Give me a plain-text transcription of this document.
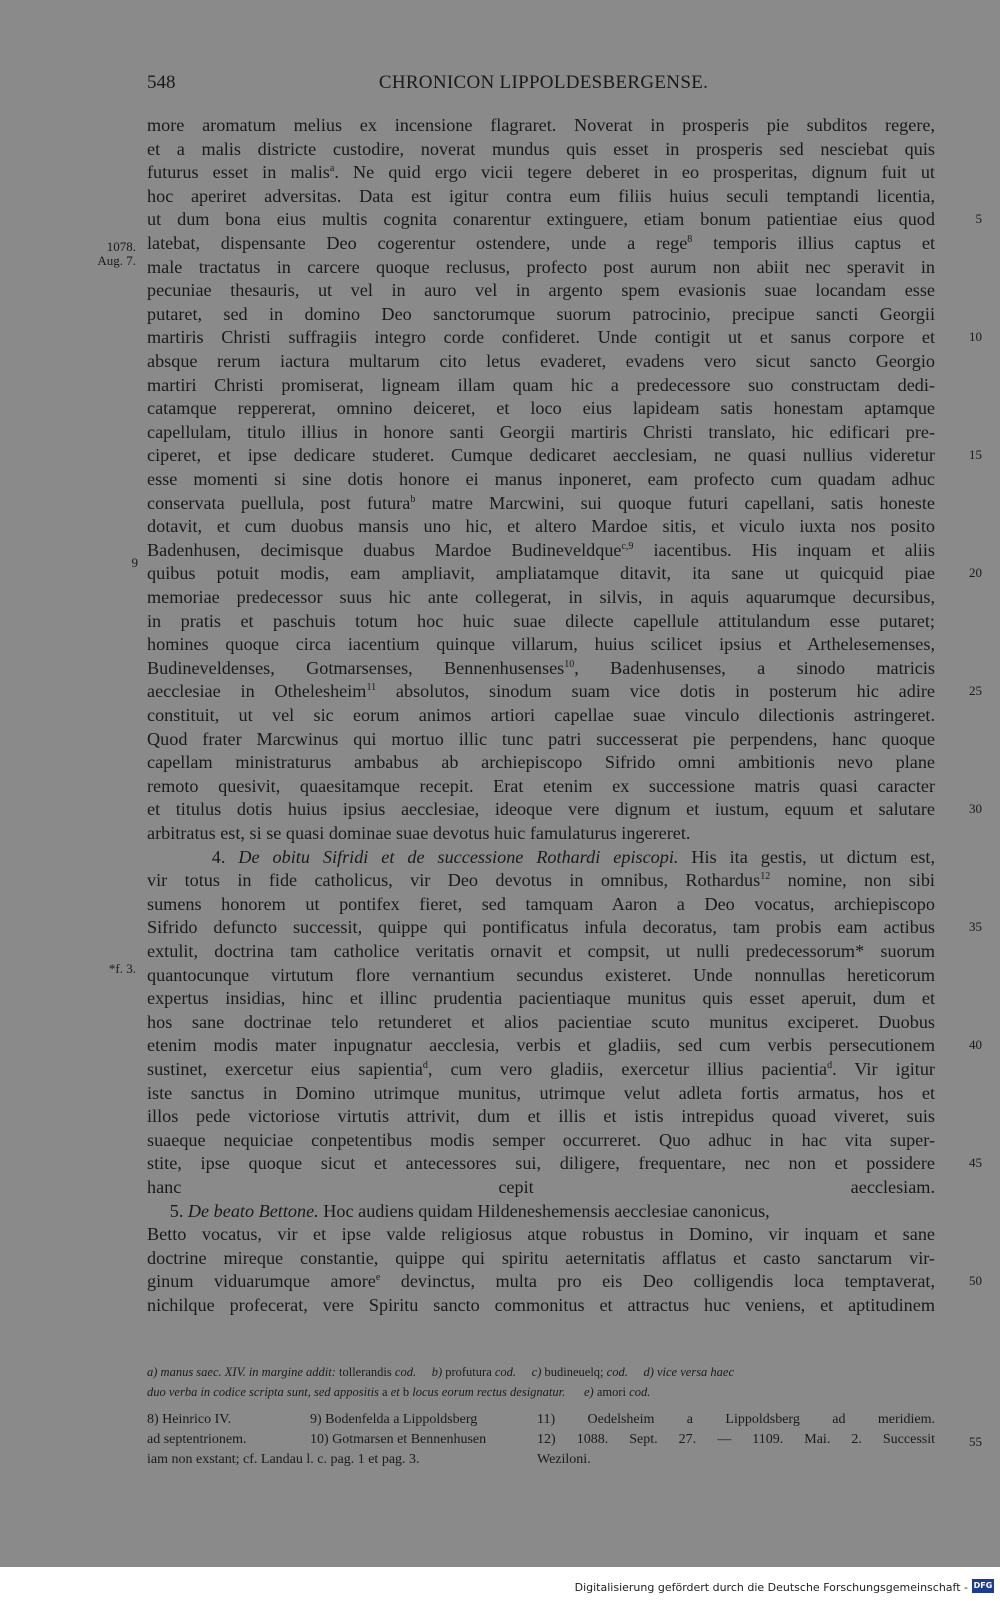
548	CHRONICON LIPPOLDESBERGENSE.
1078.
Aug. 7.
*f. 3.
9
more aromatum melius ex incensione flagraret. Noverat in prosperis pie subditos regere,
et a malis districte custodire, noverat mundus quis esset in prosperis sed nesciebat quis
futurus esset in malis$^a$. Ne quid ergo vicii tegere deberet in eo prosperitas, dignum fuit ut
hoc aperiret adversitas. Data est igitur contra eum filiis huius seculi temptandi licentia,
ut dum bona eius multis cognita conarentur extinguere, etiam bonum patientiae eius quod
latebat, dispensante Deo cogerentur ostendere, unde a rege$^8$ temporis illius captus et
male tractatus in carcere quoque reclusus, profecto post aurum non abiit nec speravit in
pecuniae thesauris, ut vel in auro vel in argento spem evasionis suae locandam esse
putaret, sed in domino Deo sanctorumque suorum patrocinio, precipue sancti Georgii
martiris Christi suffragiis integro corde confideret. Unde contigit ut et sanus corpore et
absque rerum iactura multarum cito letus evaderet, evadens vero sicut sancto Georgio
martiri Christi promiserat, ligneam illam quam hic a predecessore suo constructam dedi-
catamque reppererat, omnino deiceret, et loco eius lapideam satis honestam aptamque
capellulam, titulo illius in honore santi Georgii martiris Christi translato, hic edificari pre-
ciperet, et ipse dedicare studeret. Cumque dedicaret aecclesiam, ne quasi nullius videretur
esse momenti si sine dotis honore ei manus inponeret, eam profecto cum quadam adhuc
conservata puellula, post futura$^b$ matre Marcwini, sui quoque futuri capellani, satis honeste
dotavit, et cum duobus mansis uno hic, et altero Mardoe sitis, et viculo iuxta nos posito
Badenhusen, decimisque duabus Mardoe Budineveldque$^{c,9}$ iacentibus. His inquam et aliis
quibus potuit modis, eam ampliavit, ampliatamque ditavit, ita sane ut quicquid piae
memoriae predecessor suus hic ante collegerat, in silvis, in aquis aquarumque decursibus,
in pratis et paschuis totum hoc huic suae dilecte capellule attitulandum esse putaret;
homines quoque circa iacentium quinque villarum, huius scilicet ipsius et Arthelesemenses,
Budineveldenses, Gotmarsenses, Bennenhusenses$^{10}$, Badenhusenses, a sinodo matricis
aecclesiae in Othelesheim$^{11}$ absolutos, sinodum suam vice dotis in posterum hic adire
constituit, ut vel sic eorum animos artiori capellae suae vinculo dilectionis astringeret.
Quod frater Marcwinus qui mortuo illic tunc patri successerat pie perpendens, hanc quoque
capellam ministraturus ambabus ab archiepiscopo Sifrido omni ambitionis nevo plane
remoto quesivit, quaesitamque recepit. Erat etenim ex successione matris quasi caracter
et titulus dotis huius ipsius aecclesiae, ideoque vere dignum et iustum, equum et salutare
arbitratus est, si se quasi dominae suae devotus huic famulaturus ingereret.
4. De obitu Sifridi et de successione Rothardi episcopi. His ita gestis, ut dictum est,
vir totus in fide catholicus, vir Deo devotus in omnibus, Rothardus$^{12}$ nomine, non sibi
sumens honorem ut pontifex fieret, sed tamquam Aaron a Deo vocatus, archiepiscopo
Sifrido defuncto successit, quippe qui pontificatus infula decoratus, tam probis eam actibus
extulit, doctrina tam catholice veritatis ornavit et compsit, ut nulli predecessorum* suorum
quantocunque virtutum flore vernantium secundus existeret. Unde nonnullas hereticorum
expertus insidias, hinc et illinc prudentia pacientiaque munitus quis esset aperuit, dum et
hos sane doctrinae telo retunderet et alios pacientiae scuto munitus exciperet. Duobus
etenim modis mater inpugnatur aecclesia, verbis et gladiis, sed cum verbis persecutionem
sustinet, exercetur eius sapientia$^d$, cum vero gladiis, exercetur illius pacientia$^d$. Vir igitur
iste sanctus in Domino utrimque munitus, utrimque velut adleta fortis armatus, hos et
illos pede victoriose virtutis attrivit, dum et illis et istis intrepidus quoad viveret, suis
suaeque nequiciae conpetentibus modis semper occurreret. Quo adhuc in hac vita super-
stite, ipse quoque sicut et antecessores sui, diligere, frequentare, nec non et possidere
hanc cepit aecclesiam.
5. De beato Bettone. Hoc audiens quidam Hildeneshemensis aecclesiae canonicus,
Betto vocatus, vir et ipse valde religiosus atque robustus in Domino, vir inquam et sane
doctrine mireque constantie, quippe qui spiritu aeternitatis afflatus et casto sanctarum vir-
ginum viduarumque amore$^e$ devinctus, multa pro eis Deo colligendis loca temptaverat,
nichilque profecerat, vere Spiritu sancto commonitus et attractus huc veniens, et aptitudinem
5
10
15
20
25
30
35
40
45
50
55
a) manus saec. XIV. in margine addit: tollerandis cod.     b) profutura cod.     c) budineuelq; cod.     d) vice versa haec
duo verba in codice scripta sunt, sed appositis a et b locus eorum rectus designatur.      e) amori cod.
8) Heinrico IV.
ad septentrionem.
iam non exstant; cf. Landau l. c. pag. 1 et pag. 3.
9) Bodenfelda a Lippoldsberg
10) Gotmarsen et Bennenhusen
11) Oedelsheim a Lippoldsberg ad meridiem.
12) 1088. Sept. 27. — 1109. Mai. 2. Successit
Weziloni.
Digitalisierung gefördert durch die Deutsche Forschungsgemeinschaft - DFG
